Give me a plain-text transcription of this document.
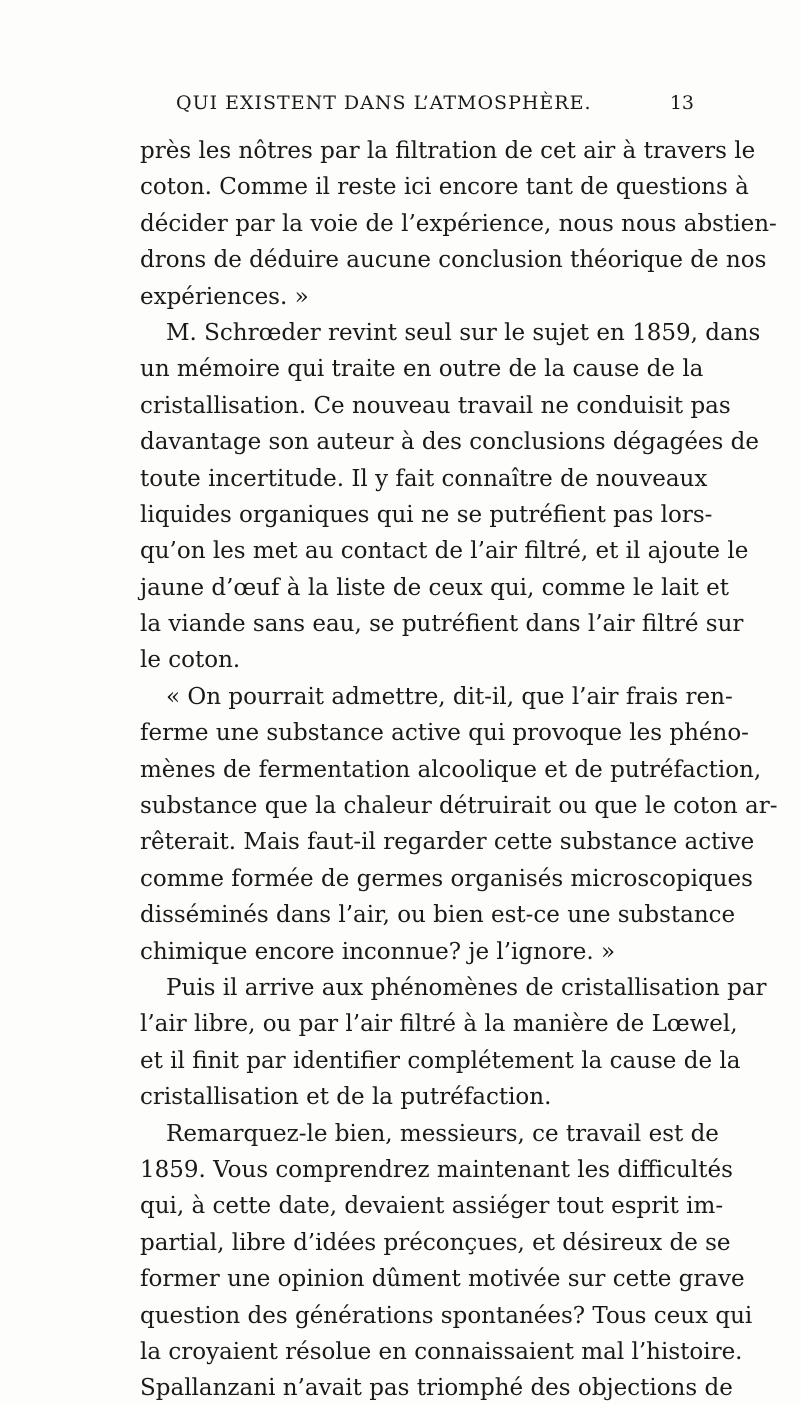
QUI EXISTENT DANS L’ATMOSPHÈRE.	13
près les nôtres par la filtration de cet air à travers le
coton. Comme il reste ici encore tant de questions à
décider par la voie de l’expérience, nous nous abstien-
drons de déduire aucune conclusion théorique de nos
expériences. »
M. Schrœder revint seul sur le sujet en 1859, dans
un mémoire qui traite en outre de la cause de la
cristallisation. Ce nouveau travail ne conduisit pas
davantage son auteur à des conclusions dégagées de
toute incertitude. Il y fait connaître de nouveaux
liquides organiques qui ne se putréfient pas lors-
qu’on les met au contact de l’air filtré, et il ajoute le
jaune d’œuf à la liste de ceux qui, comme le lait et
la viande sans eau, se putréfient dans l’air filtré sur
le coton.
« On pourrait admettre, dit-il, que l’air frais ren-
ferme une substance active qui provoque les phéno-
mènes de fermentation alcoolique et de putréfaction,
substance que la chaleur détruirait ou que le coton ar-
rêterait. Mais faut-il regarder cette substance active
comme formée de germes organisés microscopiques
disséminés dans l’air, ou bien est-ce une substance
chimique encore inconnue? je l’ignore. »
Puis il arrive aux phénomènes de cristallisation par
l’air libre, ou par l’air filtré à la manière de Lœwel,
et il finit par identifier complétement la cause de la
cristallisation et de la putréfaction.
Remarquez-le bien, messieurs, ce travail est de
1859. Vous comprendrez maintenant les difficultés
qui, à cette date, devaient assiéger tout esprit im-
partial, libre d’idées préconçues, et désireux de se
former une opinion dûment motivée sur cette grave
question des générations spontanées? Tous ceux qui
la croyaient résolue en connaissaient mal l’histoire.
Spallanzani n’avait pas triomphé des objections de
